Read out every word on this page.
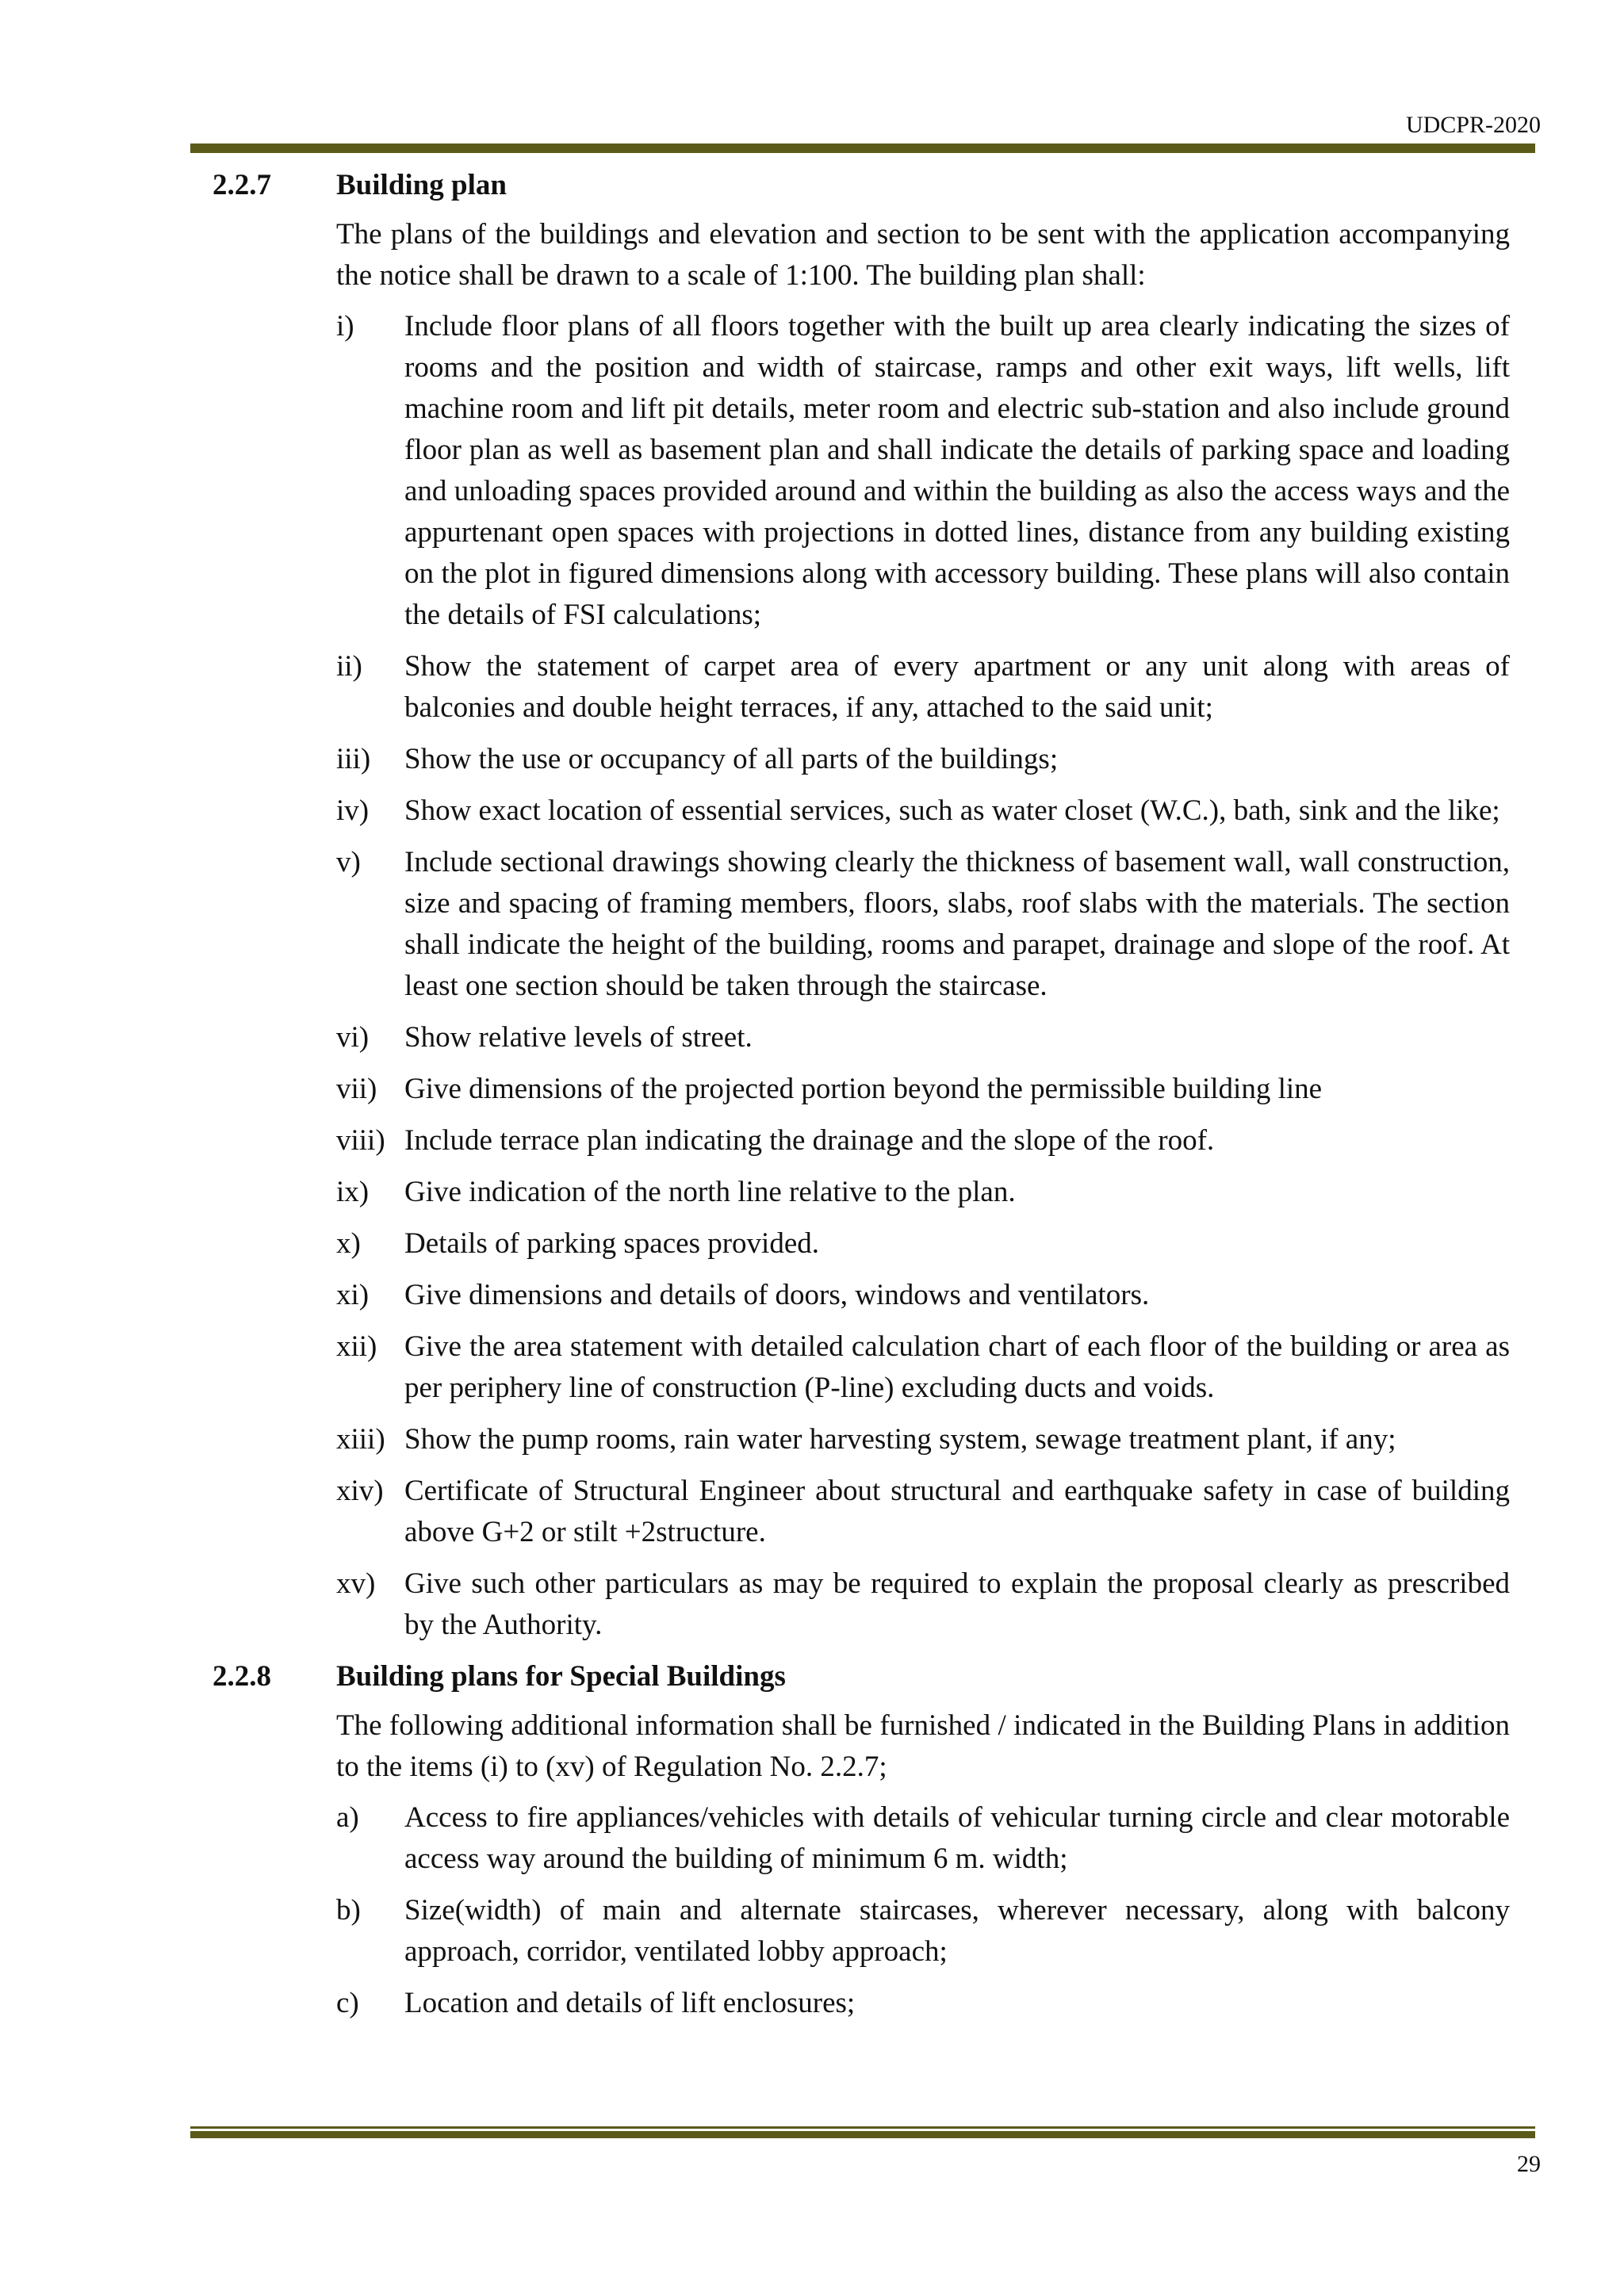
UDCPR-2020
2.2.7	Building plan
The plans of the buildings and elevation and section to be sent with the application accompanying the notice shall be drawn to a scale of 1:100. The building plan shall:
i)	Include floor plans of all floors together with the built up area clearly indicating the sizes of rooms and the position and width of staircase, ramps and other exit ways, lift wells, lift machine room and lift pit details, meter room and electric sub-station and also include ground floor plan as well as basement plan and shall indicate the details of parking space and loading and unloading spaces provided around and within the building as also the access ways and the appurtenant open spaces with projections in dotted lines, distance from any building existing on the plot in figured dimensions along with accessory building. These plans will also contain the details of FSI calculations;
ii)	Show the statement of carpet area of every apartment or any unit along with areas of balconies and double height terraces, if any, attached to the said unit;
iii)	Show the use or occupancy of all parts of the buildings;
iv)	Show exact location of essential services, such as water closet (W.C.), bath, sink and the like;
v)	Include sectional drawings showing clearly the thickness of basement wall, wall construction, size and spacing of framing members, floors, slabs, roof slabs with the materials. The section shall indicate the height of the building, rooms and parapet, drainage and slope of the roof. At least one section should be taken through the staircase.
vi)	Show relative levels of street.
vii) Give dimensions of the projected portion beyond the permissible building line
viii) Include terrace plan indicating the drainage and the slope of the roof.
ix)	Give indication of the north line relative to the plan.
x)	Details of parking spaces provided.
xi)	Give dimensions and details of doors, windows and ventilators.
xii) Give the area statement with detailed calculation chart of each floor of the building or area as per periphery line of construction (P-line) excluding ducts and voids.
xiii) Show the pump rooms, rain water harvesting system, sewage treatment plant, if any;
xiv) Certificate of Structural Engineer about structural and earthquake safety in case of building above G+2 or stilt +2structure.
xv) Give such other particulars as may be required to explain the proposal clearly as prescribed by the Authority.
2.2.8	Building plans for Special Buildings
The following additional information shall be furnished / indicated in the Building Plans in addition to the items (i) to (xv) of Regulation No. 2.2.7;
a)	Access to fire appliances/vehicles with details of vehicular turning circle and clear motorable access way around the building of minimum 6 m. width;
b)	Size(width) of main and alternate staircases, wherever necessary, along with balcony approach, corridor, ventilated lobby approach;
c)	Location and details of lift enclosures;
29
